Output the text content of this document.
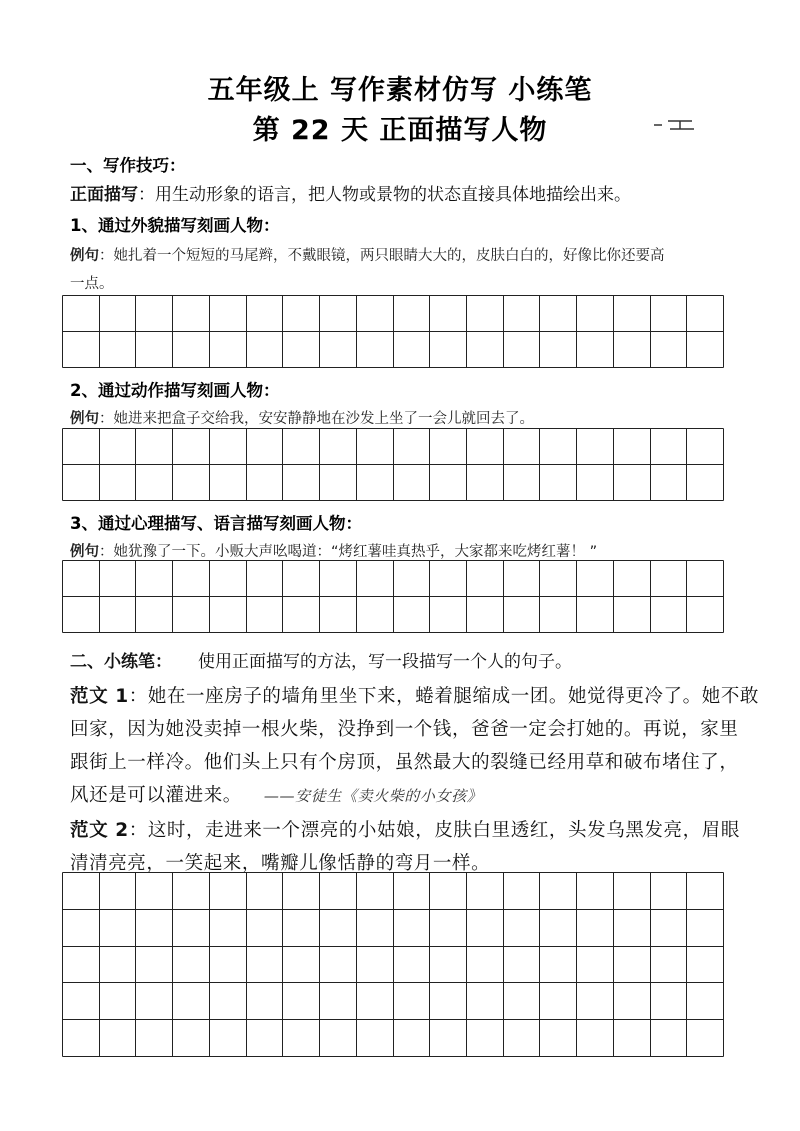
五年级上 写作素材仿写 小练笔
第 22 天 正面描写人物
一、写作技巧：
正面描写：用生动形象的语言，把人物或景物的状态直接具体地描绘出来。
1、通过外貌描写刻画人物：
例句：她扎着一个短短的马尾辫，不戴眼镜，两只眼睛大大的，皮肤白白的，好像比你还要高
一点。
2、通过动作描写刻画人物：
例句：她进来把盒子交给我，安安静静地在沙发上坐了一会儿就回去了。
3、通过心理描写、语言描写刻画人物：
例句：她犹豫了一下。小贩大声吆喝道：“烤红薯哇真热乎，大家都来吃烤红薯！ ”
二、小练笔： 使用正面描写的方法，写一段描写一个人的句子。
范文 1：她在一座房子的墙角里坐下来，蜷着腿缩成一团。她觉得更冷了。她不敢
回家，因为她没卖掉一根火柴，没挣到一个钱，爸爸一定会打她的。再说，家里
跟街上一样冷。他们头上只有个房顶，虽然最大的裂缝已经用草和破布堵住了，
风还是可以灌进来。 ——安徒生《卖火柴的小女孩》
范文 2：这时，走进来一个漂亮的小姑娘，皮肤白里透红，头发乌黑发亮，眉眼
清清亮亮，一笑起来，嘴瓣儿像恬静的弯月一样。
